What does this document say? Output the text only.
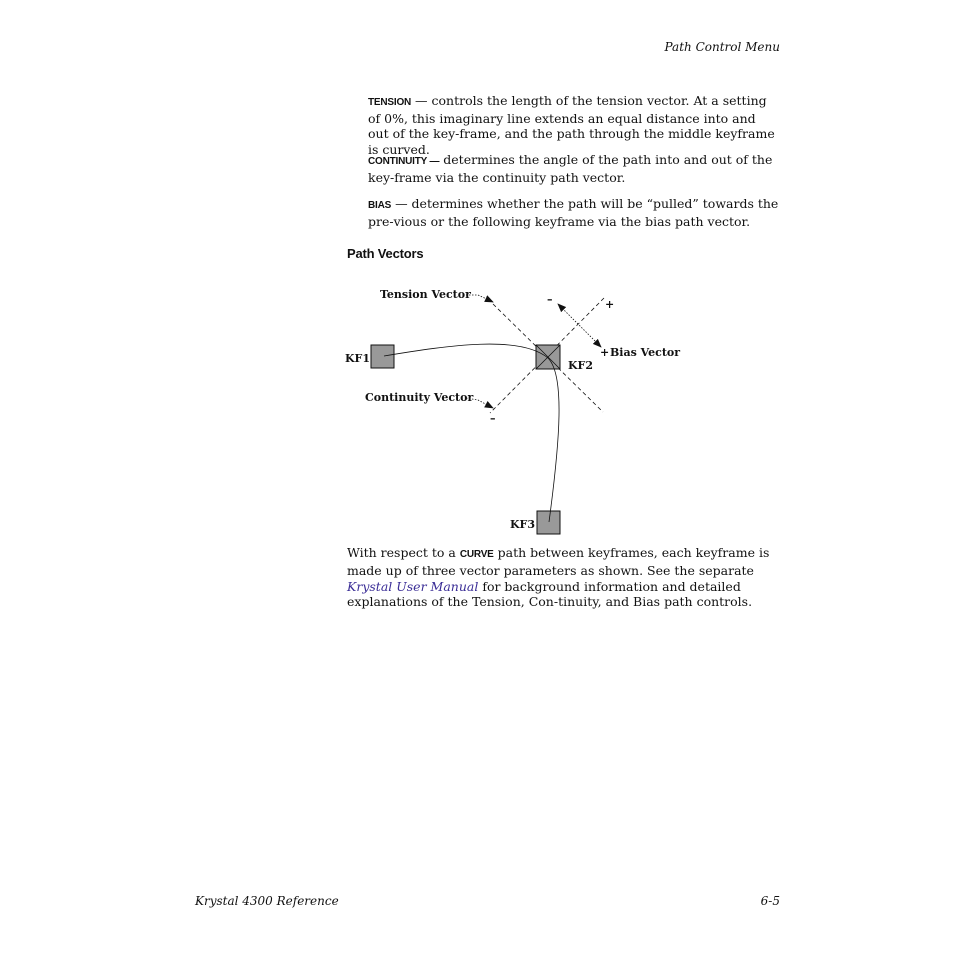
Path Control Menu
TENSION — controls the length of the tension vector. At a setting of 0%, this imaginary line extends an equal distance into and out of the key-frame, and the path through the middle keyframe is curved.
CONTINUITY — determines the angle of the path into and out of the key-frame via the continuity path vector.
BIAS — determines whether the path will be “pulled” towards the pre-vious or the following keyframe via the bias path vector.
Path Vectors
Tension Vector
Continuity Vector
Bias Vector
+
–	+
–
KF1
KF2
KF3
With respect to a CURVE path between keyframes, each keyframe is made up of three vector parameters as shown. See the separate Krystal User Manual for background information and detailed explanations of the Tension, Con-tinuity, and Bias path controls.
Krystal 4300 Reference	6-5
